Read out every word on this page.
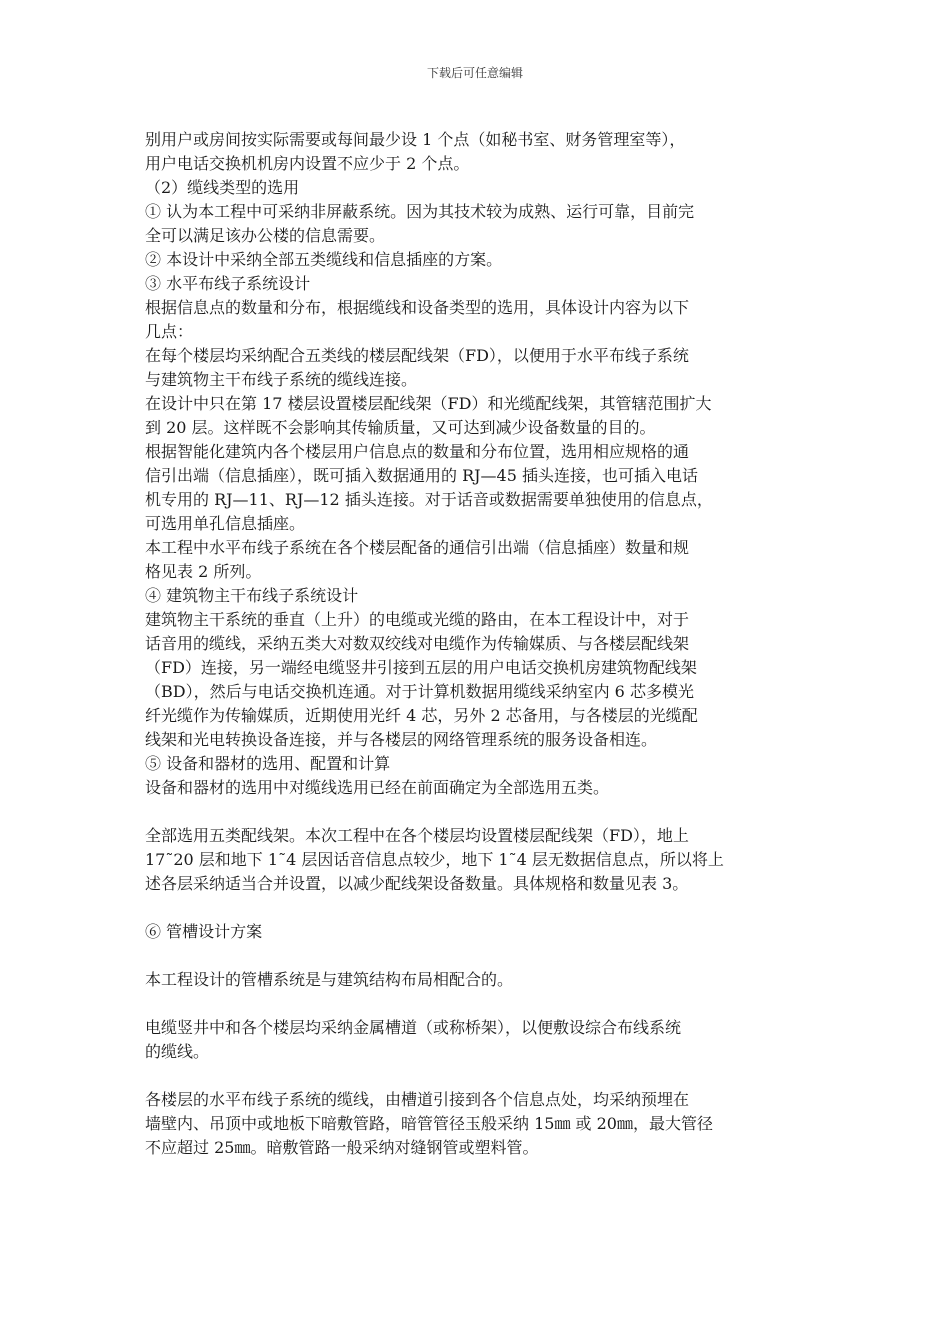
下载后可任意编辑

别用户或房间按实际需要或每间最少设 1 个点（如秘书室、财务管理室等），

用户电话交换机机房内设置不应少于 2 个点。

（2）缆线类型的选用

① 认为本工程中可采纳非屏蔽系统。因为其技术较为成熟、运行可靠，目前完

全可以满足该办公楼的信息需要。

② 本设计中采纳全部五类缆线和信息插座的方案。

③ 水平布线子系统设计

根据信息点的数量和分布，根据缆线和设备类型的选用，具体设计内容为以下

几点：

在每个楼层均采纳配合五类线的楼层配线架（FD），以便用于水平布线子系统

与建筑物主干布线子系统的缆线连接。

在设计中只在第 17 楼层设置楼层配线架（FD）和光缆配线架，其管辖范围扩大

到 20 层。这样既不会影响其传输质量，又可达到减少设备数量的目的。

根据智能化建筑内各个楼层用户信息点的数量和分布位置，选用相应规格的通

信引出端（信息插座），既可插入数据通用的 RJ—45 插头连接，也可插入电话

机专用的 RJ—11、RJ—12 插头连接。对于话音或数据需要单独使用的信息点，

可选用单孔信息插座。

本工程中水平布线子系统在各个楼层配备的通信引出端（信息插座）数量和规

格见表 2 所列。

④ 建筑物主干布线子系统设计

建筑物主干系统的垂直（上升）的电缆或光缆的路由，在本工程设计中，对于

话音用的缆线，采纳五类大对数双绞线对电缆作为传输媒质、与各楼层配线架

（FD）连接，另一端经电缆竖井引接到五层的用户电话交换机房建筑物配线架

（BD），然后与电话交换机连通。对于计算机数据用缆线采纳室内 6 芯多模光

纤光缆作为传输媒质，近期使用光纤 4 芯，另外 2 芯备用，与各楼层的光缆配

线架和光电转换设备连接，并与各楼层的网络管理系统的服务设备相连。

⑤ 设备和器材的选用、配置和计算

设备和器材的选用中对缆线选用已经在前面确定为全部选用五类。

全部选用五类配线架。本次工程中在各个楼层均设置楼层配线架（FD），地上

17˜20 层和地下 1˜4 层因话音信息点较少，地下 1˜4 层无数据信息点，所以将上

述各层采纳适当合并设置，以减少配线架设备数量。具体规格和数量见表 3。

⑥ 管槽设计方案

本工程设计的管槽系统是与建筑结构布局相配合的。

电缆竖井中和各个楼层均采纳金属槽道（或称桥架），以便敷设综合布线系统

的缆线。

各楼层的水平布线子系统的缆线，由槽道引接到各个信息点处，均采纳预埋在

墙壁内、吊顶中或地板下暗敷管路，暗管管径玉般采纳 15㎜ 或 20㎜，最大管径

不应超过 25㎜。暗敷管路一般采纳对缝钢管或塑料管。
